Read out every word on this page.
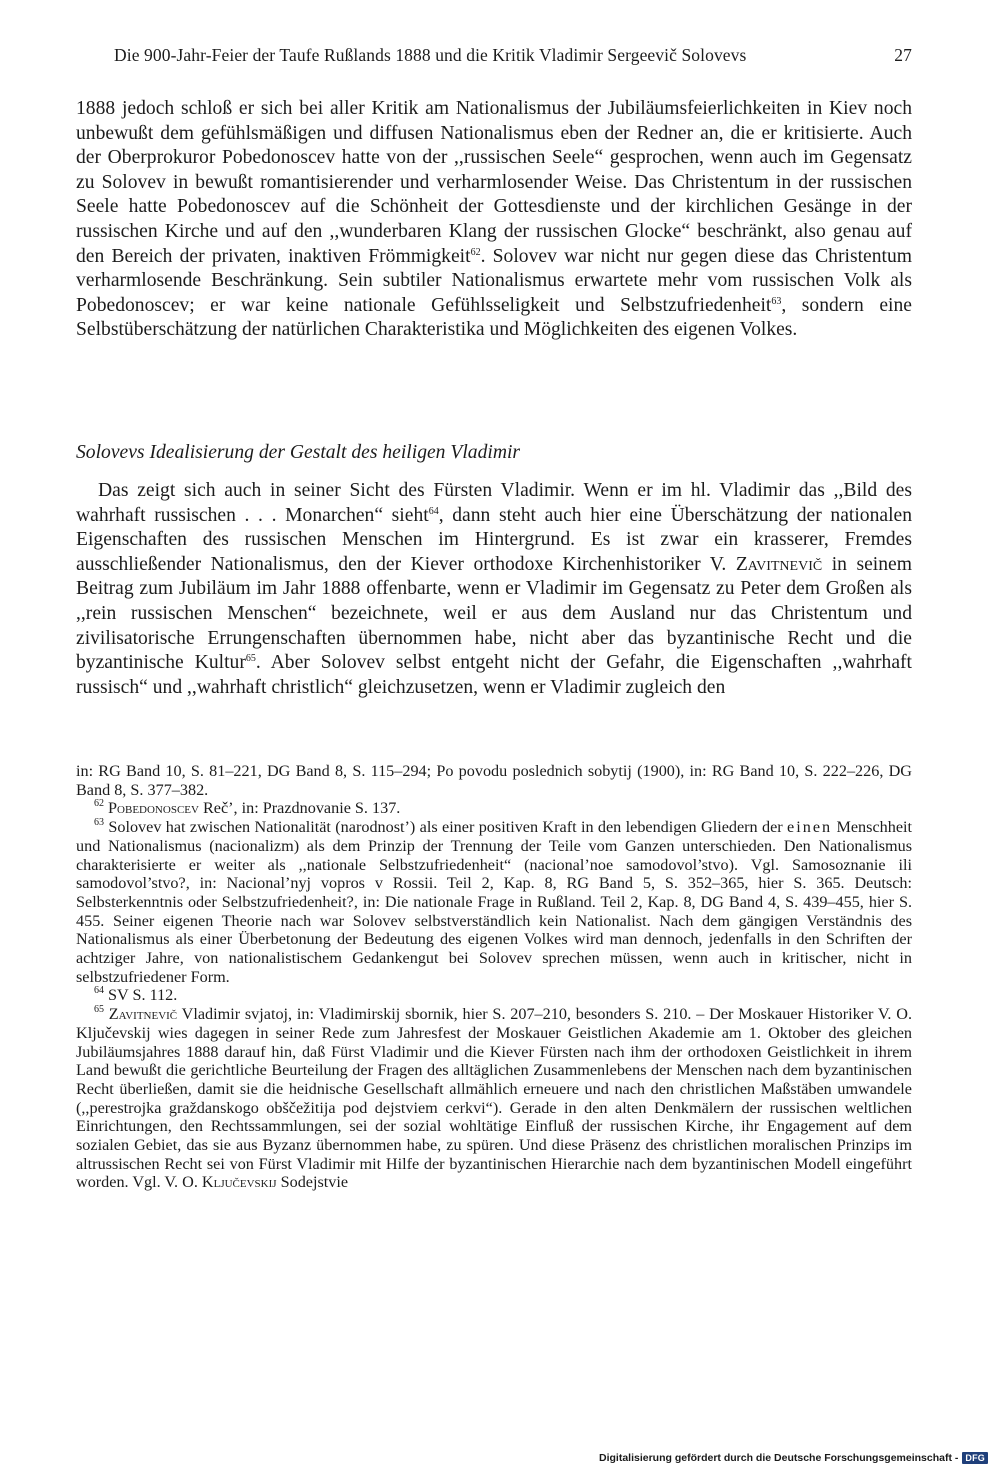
Die 900-Jahr-Feier der Taufe Rußlands 1888 und die Kritik Vladimir Sergeevič Solovevs	27

1888 jedoch schloß er sich bei aller Kritik am Nationalismus der Jubiläumsfeierlichkeiten in Kiev noch unbewußt dem gefühlsmäßigen und diffusen Nationalismus eben der Redner an, die er kritisierte. Auch der Oberprokuror Pobedonoscev hatte von der ,,russischen Seele“ gesprochen, wenn auch im Gegensatz zu Solovev in bewußt romantisierender und verharmlosender Weise. Das Christentum in der russischen Seele hatte Pobedonoscev auf die Schönheit der Gottesdienste und der kirchlichen Gesänge in der russischen Kirche und auf den ,,wunderbaren Klang der russischen Glocke“ beschränkt, also genau auf den Bereich der privaten, inaktiven Frömmigkeit$^{62}$. Solovev war nicht nur gegen diese das Christentum verharmlosende Beschränkung. Sein subtiler Nationalismus erwartete mehr vom russischen Volk als Pobedonoscev; er war keine nationale Gefühlsseligkeit und Selbstzufriedenheit$^{63}$, sondern eine Selbstüberschätzung der natürlichen Charakteristika und Möglichkeiten des eigenen Volkes.

Solovevs Idealisierung der Gestalt des heiligen Vladimir

Das zeigt sich auch in seiner Sicht des Fürsten Vladimir. Wenn er im hl. Vladimir das ,,Bild des wahrhaft russischen . . . Monarchen“ sieht$^{64}$, dann steht auch hier eine Überschätzung der nationalen Eigenschaften des russischen Menschen im Hintergrund. Es ist zwar ein krasserer, Fremdes ausschließender Nationalismus, den der Kiever orthodoxe Kirchenhistoriker V. Zavitnevič in seinem Beitrag zum Jubiläum im Jahr 1888 offenbarte, wenn er Vladimir im Gegensatz zu Peter dem Großen als ,,rein russischen Menschen“ bezeichnete, weil er aus dem Ausland nur das Christentum und zivilisatorische Errungenschaften übernommen habe, nicht aber das byzantinische Recht und die byzantinische Kultur$^{65}$. Aber Solovev selbst entgeht nicht der Gefahr, die Eigenschaften ,,wahrhaft russisch“ und ,,wahrhaft christlich“ gleichzusetzen, wenn er Vladimir zugleich den

in: RG Band 10, S. 81–221, DG Band 8, S. 115–294; Po povodu poslednich sobytij (1900), in: RG Band 10, S. 222–226, DG Band 8, S. 377–382.

$^{62}$ Pobedonoscev Reč’, in: Prazdnovanie S. 137.

$^{63}$ Solovev hat zwischen Nationalität (narodnost’) als einer positiven Kraft in den lebendigen Gliedern der einen Menschheit und Nationalismus (nacionalizm) als dem Prinzip der Trennung der Teile vom Ganzen unterschieden. Den Nationalismus charakterisierte er weiter als ,,nationale Selbstzufriedenheit“ (nacional’noe samodovol’stvo). Vgl. Samosoznanie ili samodovol’stvo?, in: Nacional’nyj vopros v Rossii. Teil 2, Kap. 8, RG Band 5, S. 352–365, hier S. 365. Deutsch: Selbsterkenntnis oder Selbstzufriedenheit?, in: Die nationale Frage in Rußland. Teil 2, Kap. 8, DG Band 4, S. 439–455, hier S. 455. Seiner eigenen Theorie nach war Solovev selbstverständlich kein Nationalist. Nach dem gängigen Verständnis des Nationalismus als einer Überbetonung der Bedeutung des eigenen Volkes wird man dennoch, jedenfalls in den Schriften der achtziger Jahre, von nationalistischem Gedankengut bei Solovev sprechen müssen, wenn auch in kritischer, nicht in selbstzufriedener Form.

$^{64}$ SV S. 112.

$^{65}$ Zavitnevič Vladimir svjatoj, in: Vladimirskij sbornik, hier S. 207–210, besonders S. 210. – Der Moskauer Historiker V. O. Ključevskij wies dagegen in seiner Rede zum Jahresfest der Moskauer Geistlichen Akademie am 1. Oktober des gleichen Jubiläumsjahres 1888 darauf hin, daß Fürst Vladimir und die Kiever Fürsten nach ihm der orthodoxen Geistlichkeit in ihrem Land bewußt die gerichtliche Beurteilung der Fragen des alltäglichen Zusammenlebens der Menschen nach dem byzantinischen Recht überließen, damit sie die heidnische Gesellschaft allmählich erneuere und nach den christlichen Maßstäben umwandele (,,perestrojka graždanskogo obščežitija pod dejstviem cerkvi“). Gerade in den alten Denkmälern der russischen weltlichen Einrichtungen, den Rechtssammlungen, sei der sozial wohltätige Einfluß der russischen Kirche, ihr Engagement auf dem sozialen Gebiet, das sie aus Byzanz übernommen habe, zu spüren. Und diese Präsenz des christlichen moralischen Prinzips im altrussischen Recht sei von Fürst Vladimir mit Hilfe der byzantinischen Hierarchie nach dem byzantinischen Modell eingeführt worden. Vgl. V. O. Ključevskij Sodejstvie

Digitalisierung gefördert durch die Deutsche Forschungsgemeinschaft - DFG
